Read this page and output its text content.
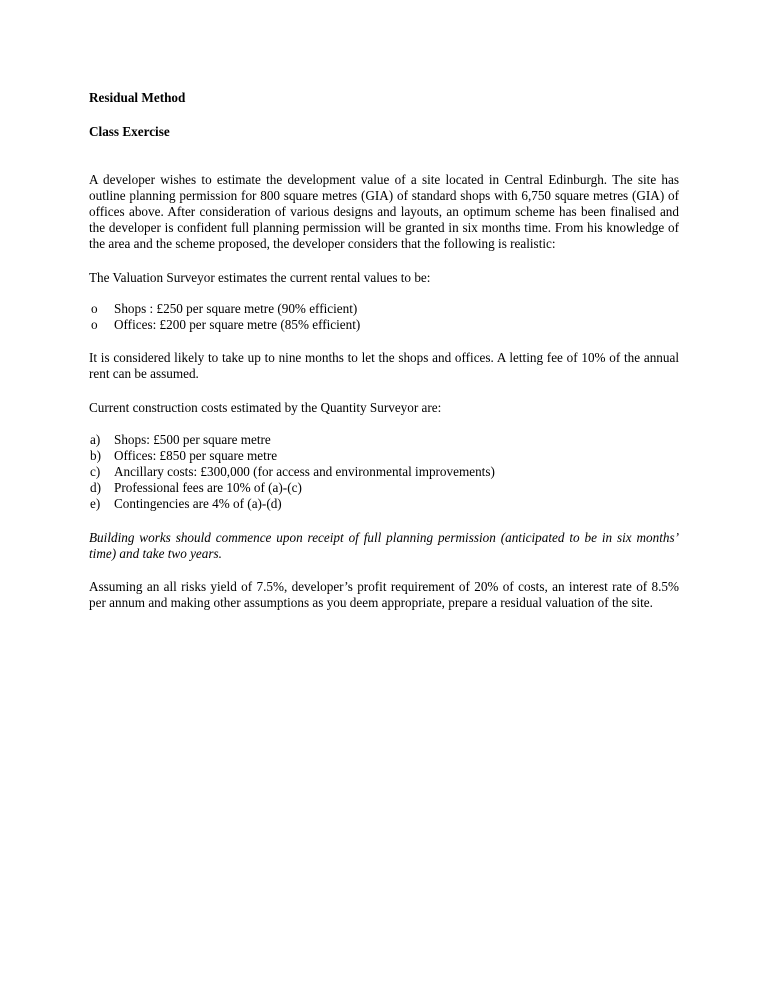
Residual Method

Class Exercise

A developer wishes to estimate the development value of a site located in Central Edinburgh. The site has outline planning permission for 800 square metres (GIA) of standard shops with 6,750 square metres (GIA) of offices above. After consideration of various designs and layouts, an optimum scheme has been finalised and the developer is confident full planning permission will be granted in six months time. From his knowledge of the area and the scheme proposed, the developer considers that the following is realistic:

The Valuation Surveyor estimates the current rental values to be:

o	Shops : £250 per square metre (90% efficient)
o	Offices: £200 per square metre (85% efficient)

It is considered likely to take up to nine months to let the shops and offices. A letting fee of 10% of the annual rent can be assumed.

Current construction costs estimated by the Quantity Surveyor are:

a)	Shops: £500 per square metre
b) Offices: £850 per square metre
c)	Ancillary costs: £300,000 (for access and environmental improvements)
d) Professional fees are 10% of (a)-(c)
e)	Contingencies are 4% of (a)-(d)

Building works should commence upon receipt of full planning permission (anticipated to be in six months’ time) and take two years.

Assuming an all risks yield of 7.5%, developer’s profit requirement of 20% of costs, an interest rate of 8.5% per annum and making other assumptions as you deem appropriate, prepare a residual valuation of the site.
